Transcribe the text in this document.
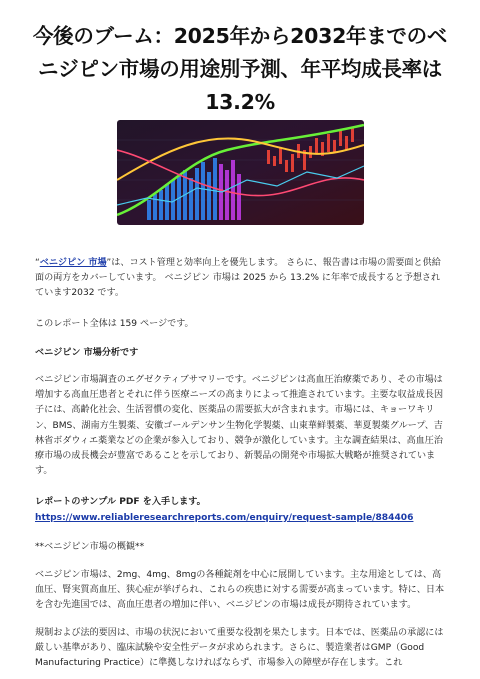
今後のブーム：2025年から2032年までのベニジピン市場の用途別予測、年平均成長率は13.2%

“ベニジピン 市場”は、コスト管理と効率向上を優先します。 さらに、報告書は市場の需要面と供給面の両方をカバーしています。 ベニジピン 市場は 2025 から 13.2% に年率で成長すると予想されています2032 です。

このレポート全体は 159 ページです。

ベニジピン 市場分析です

ベニジピン市場調査のエグゼクティブサマリーです。ベニジピンは高血圧治療薬であり、その市場は増加する高血圧患者とそれに伴う医療ニーズの高まりによって推進されています。主要な収益成長因子には、高齢化社会、生活習慣の変化、医薬品の需要拡大が含まれます。市場には、キョーワキリン、BMS、湖南方生製薬、安徽ゴールデンサン生物化学製薬、山東華鲜製薬、華夏製薬グループ、吉林省ボダウィエ薬業などの企業が参入しており、競争が激化しています。主な調査結果は、高血圧治療市場の成長機会が豊富であることを示しており、新製品の開発や市場拡大戦略が推奨されています。

レポートのサンプル PDF を入手します。 https://www.reliableresearchreports.com/enquiry/request-sample/884406

**ベニジピン市場の概観**

ベニジピン市場は、2mg、4mg、8mgの各種錠剤を中心に展開しています。主な用途としては、高血圧、腎実質高血圧、狭心症が挙げられ、これらの疾患に対する需要が高まっています。特に、日本を含む先進国では、高血圧患者の増加に伴い、ベニジピンの市場は成長が期待されています。

規制および法的要因は、市場の状況において重要な役割を果たします。日本では、医薬品の承認には厳しい基準があり、臨床試験や安全性データが求められます。さらに、製造業者はGMP（Good Manufacturing Practice）に準拠しなければならず、市場参入の障壁が存在します。これ
